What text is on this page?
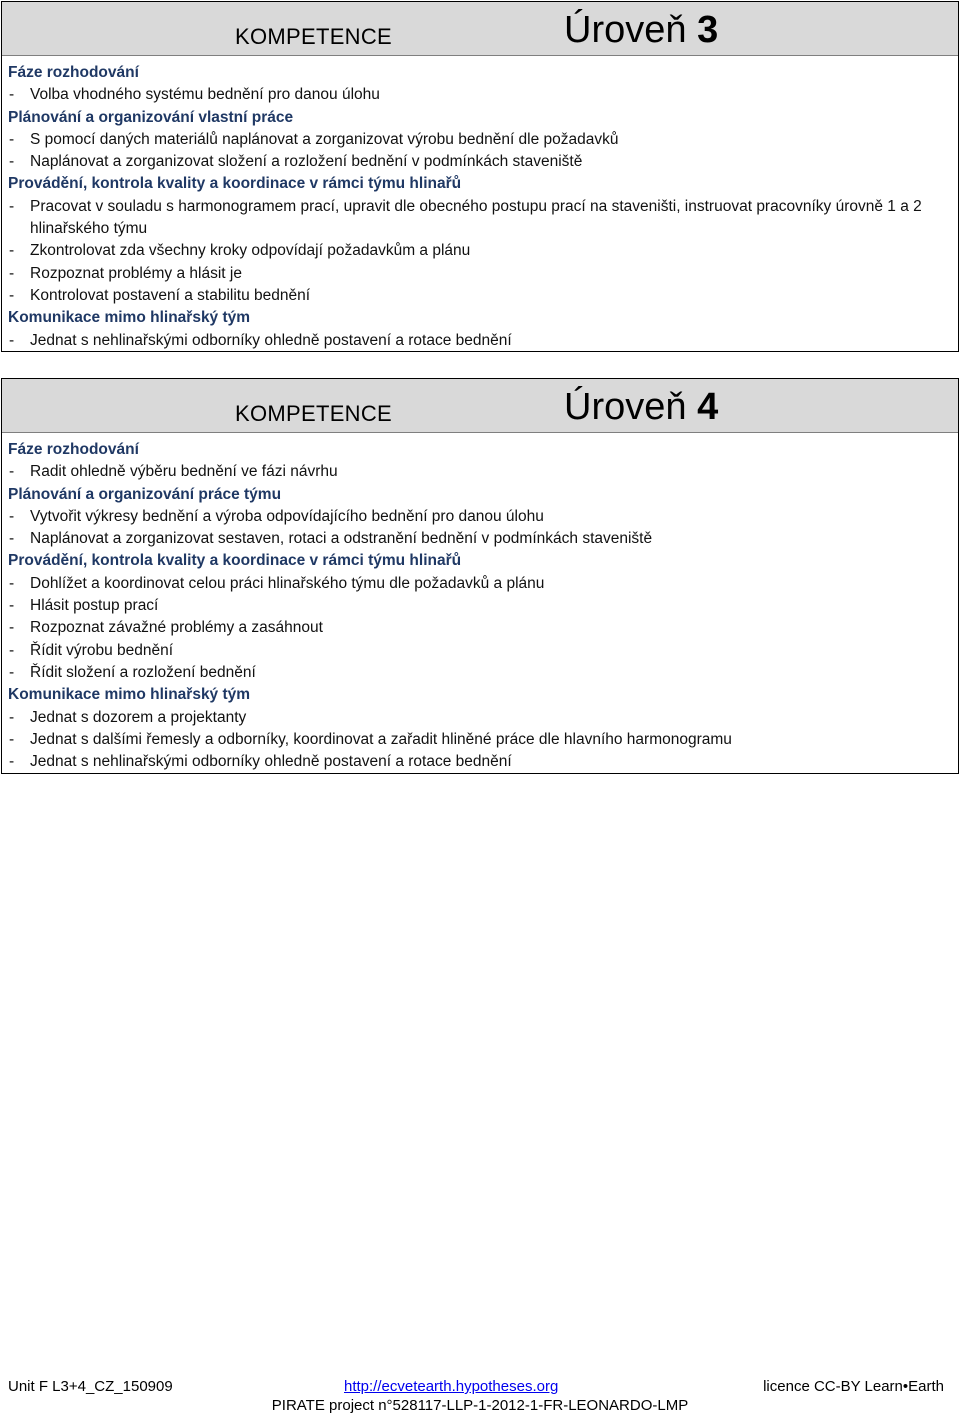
KOMPETENCE	Úroveň 3
Fáze rozhodování
-	Volba vhodného systému bednění pro danou úlohu
Plánování a organizování vlastní práce
-	S pomocí daných materiálů naplánovat a zorganizovat výrobu bednění dle požadavků
-	Naplánovat a zorganizovat složení a rozložení bednění v podmínkách staveniště
Provádění, kontrola kvality a koordinace v rámci týmu hlinařů
-	Pracovat v souladu s harmonogramem prací, upravit dle obecného postupu prací na staveništi, instruovat pracovníky úrovně 1 a 2 hlinařského týmu
-	Zkontrolovat zda všechny kroky odpovídají požadavkům a plánu
-	Rozpoznat problémy a hlásit je
-	Kontrolovat postavení a stabilitu bednění
Komunikace mimo hlinařský tým
-	Jednat s nehlinařskými odborníky ohledně postavení a rotace bednění
KOMPETENCE	Úroveň 4
Fáze rozhodování
-	Radit ohledně výběru bednění ve fázi návrhu
Plánování a organizování práce týmu
-	Vytvořit výkresy bednění a výroba odpovídajícího bednění pro danou úlohu
-	Naplánovat a zorganizovat sestaven, rotaci a odstranění bednění v podmínkách staveniště
Provádění, kontrola kvality a koordinace v rámci týmu hlinařů
-	Dohlížet a koordinovat celou práci hlinařského týmu dle požadavků a plánu
-	Hlásit postup prací
-	Rozpoznat závažné problémy a zasáhnout
-	Řídit výrobu bednění
-	Řídit složení a rozložení bednění
Komunikace mimo hlinařský tým
-	Jednat s dozorem a projektanty
-	Jednat s dalšími řemesly a odborníky, koordinovat a zařadit hliněné práce dle hlavního harmonogramu
-	Jednat s nehlinařskými odborníky ohledně postavení a rotace bednění
Unit F L3+4_CZ_150909	http://ecvetearth.hypotheses.org	licence CC-BY Learn•Earth
PIRATE project n°528117-LLP-1-2012-1-FR-LEONARDO-LMP
